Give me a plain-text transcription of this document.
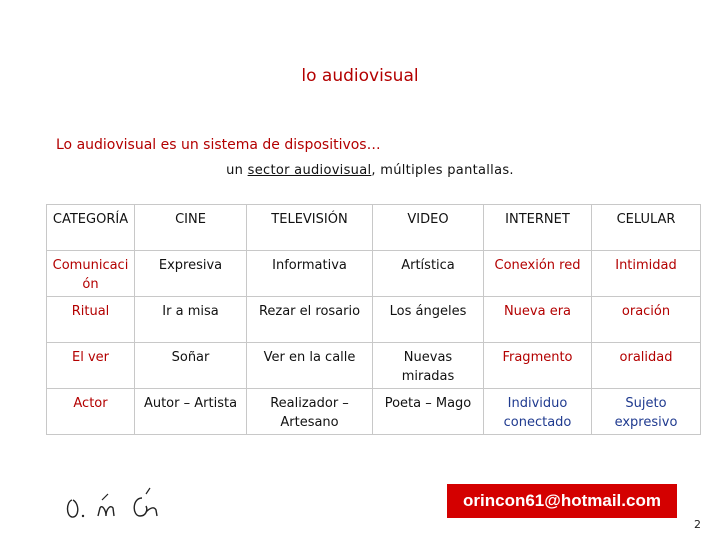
lo audiovisual
Lo audiovisual es un sistema de dispositivos…
un sector audiovisual, múltiples pantallas.
CATEGORÍA	CINE	TELEVISIÓN	VIDEO	INTERNET	CELULAR
Comunicación	Expresiva	Informativa	Artística	Conexión red	Intimidad
Ritual	Ir a misa	Rezar el rosario	Los ángeles	Nueva era	oración
El ver	Soñar	Ver en la calle	Nuevas miradas	Fragmento	oralidad
Actor	Autor – Artista	Realizador – Artesano	Poeta – Mago	Individuo conectado	Sujeto expresivo
orincon61@hotmail.com
2
